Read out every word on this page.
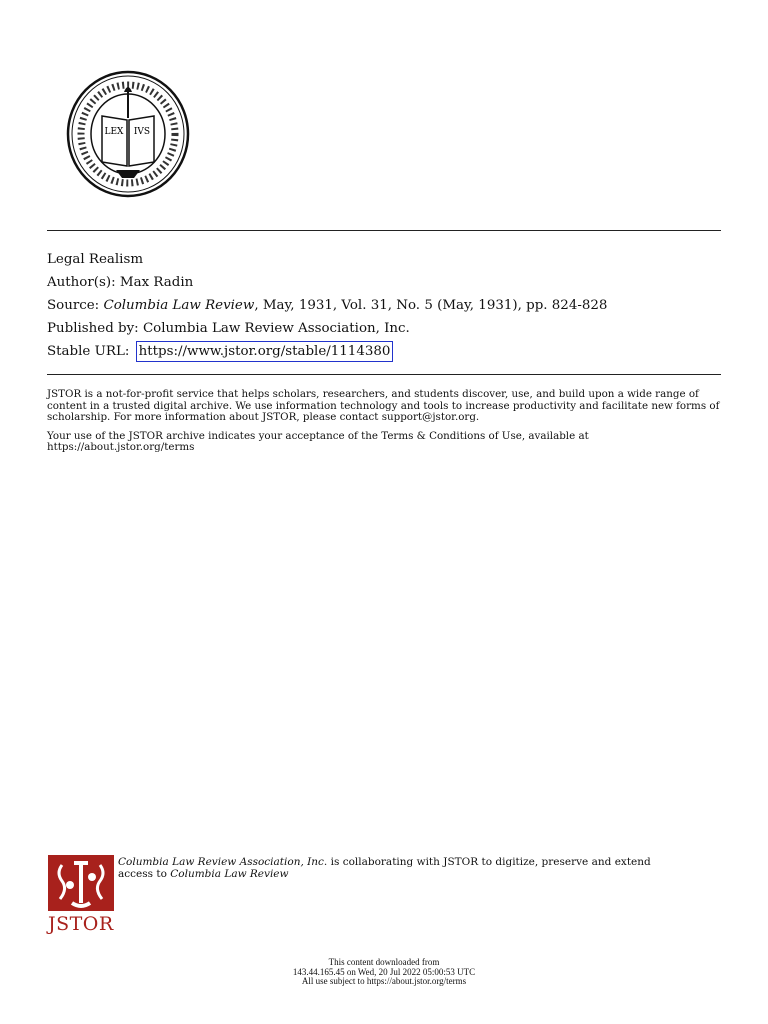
LEX IVS
Legal Realism
Author(s): Max Radin
Source: Columbia Law Review, May, 1931, Vol. 31, No. 5 (May, 1931), pp. 824-828
Published by: Columbia Law Review Association, Inc.
Stable URL: https://www.jstor.org/stable/1114380

JSTOR is a not-for-profit service that helps scholars, researchers, and students discover, use, and build upon a wide range of content in a trusted digital archive. We use information technology and tools to increase productivity and facilitate new forms of scholarship. For more information about JSTOR, please contact support@jstor.org.

Your use of the JSTOR archive indicates your acceptance of the Terms & Conditions of Use, available at https://about.jstor.org/terms

JSTOR
Columbia Law Review Association, Inc. is collaborating with JSTOR to digitize, preserve and extend access to Columbia Law Review
This content downloaded from
143.44.165.45 on Wed, 20 Jul 2022 05:00:53 UTC
All use subject to https://about.jstor.org/terms
